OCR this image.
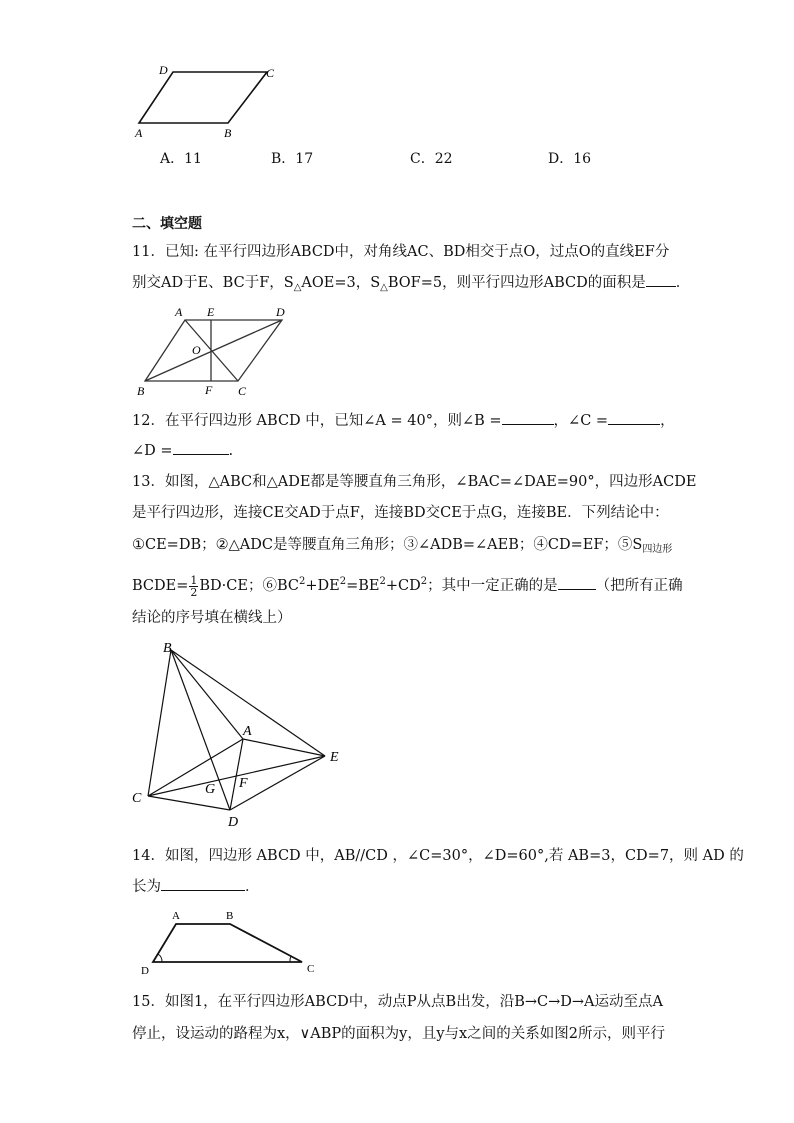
D	C
A	B
A．11	B．17	C．22	D．16
二、填空题
11．已知: 在平行四边形ABCD中，对角线AC、BD相交于点O，过点O的直线EF分
别交AD于E、BC于F，$S_\triangle AOE=3$，$S_\triangle BOF=5$，则平行四边形ABCD的面积是 ．
A E	D
O
B	F C
12．在平行四边形 ABCD 中，已知∠A = 40°，则∠B =	，∠C =	，
∠D =	.
13．如图，△ABC和△ADE都是等腰直角三角形，∠BAC=∠DAE=90°，四边形ACDE
是平行四边形，连接CE交AD于点F，连接BD交CE于点G，连接BE．下列结论中：
①CE=DB；②△ADC是等腰直角三角形；③∠ADB=∠AEB；④CD=EF；$⑤S_{四边形}$
BCDE= $\frac{1}{2} BD\cdot CE$；$⑥BC^2+DE^2=BE^2+CD^2$；其中一定正确的是	（把所有正确
结论的序号填在横线上）
B
A
E
C
G F
D
14．如图，四边形 ABCD 中，AB//CD ，∠C=30°，∠D=60°,若 AB=3，CD=7，则 AD 的
长为	．
A	B
D	C
15．如图1，在平行四边形ABCD中，动点P从点B出发，沿B→C→D→A运动至点A
停止，设运动的路程为x，∨ABP的面积为y，且y与x之间的关系如图2所示，则平行
